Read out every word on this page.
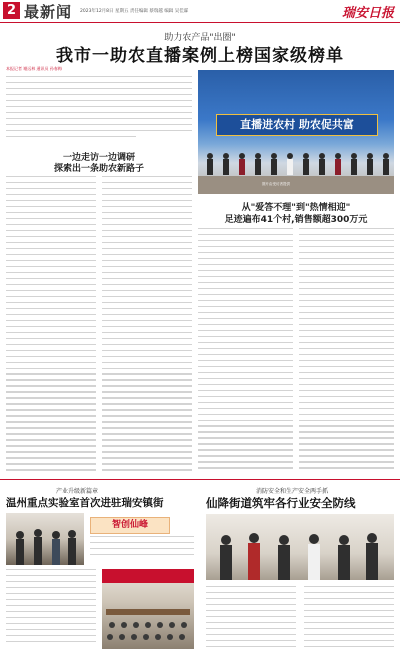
2 最新闻 2023年12月8日 星期五 责任编辑 蔡瑞越 编辑 吴佳霖	瑞安日报
助力农产品"出圈"
我市一助农直播案例上榜国家级榜单
本报记者 谢远林 通讯员 孙春梅
直播进农村 助农促共富
图片由受访者提供
一边走访一边调研
探索出一条助农新路子
从"爱答不理"到"热情相迎"
足迹遍布41个村,销售额超300万元
产业升级新篇章
温州重点实验室首次进驻瑞安镇街
智创仙峰
消防安全和生产安全两手抓
仙降街道筑牢各行业安全防线
